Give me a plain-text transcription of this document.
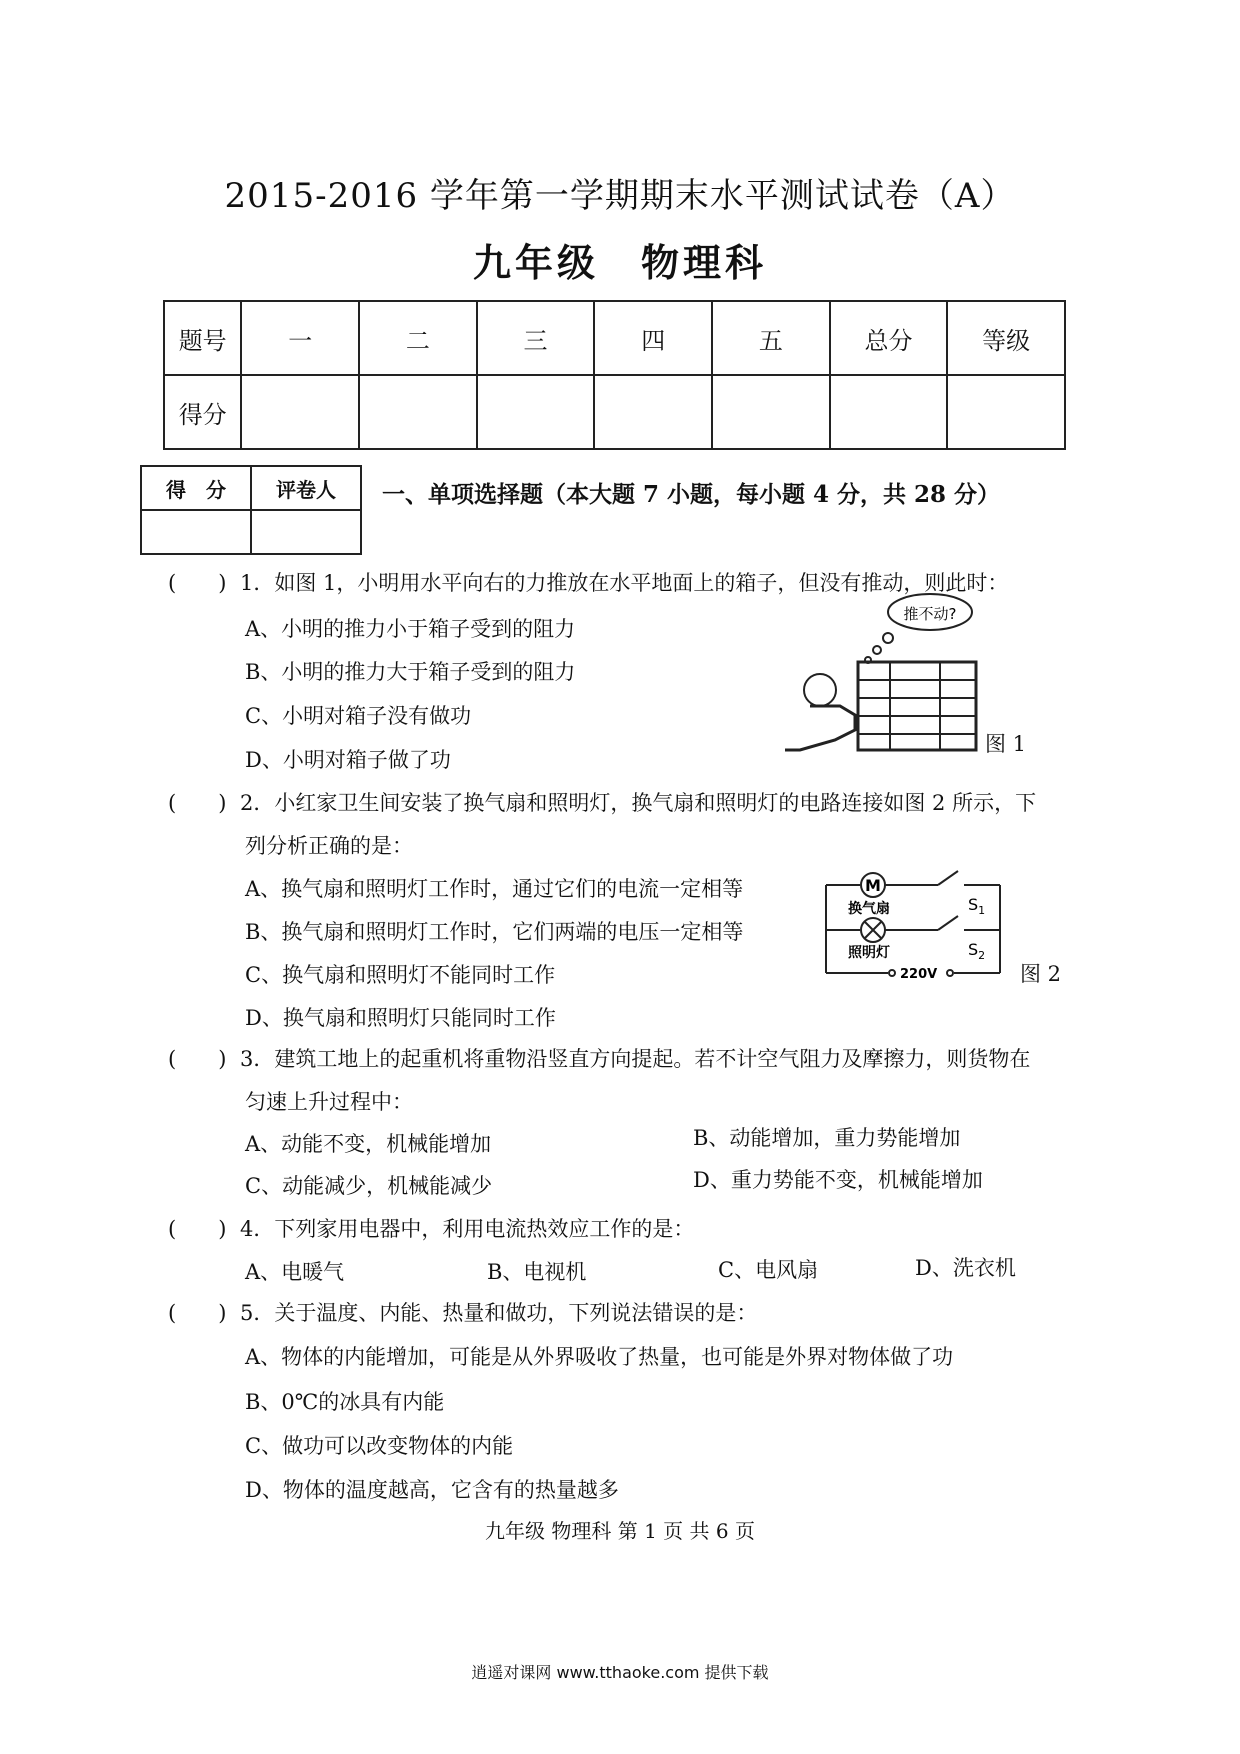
2015-2016 学年第一学期期末水平测试试卷（A）
九年级　物理科
题号	一	二	三	四	五	总分	等级
得分							
得　分	评卷人
	一、单项选择题（本大题 7 小题，每小题 4 分，共 28 分）
(　　) 1．如图 1，小明用水平向右的力推放在水平地面上的箱子，但没有推动，则此时：
A、小明的推力小于箱子受到的阻力
B、小明的推力大于箱子受到的阻力
C、小明对箱子没有做功
D、小明对箱子做了功
推不动?
图 1
(　　) 2．小红家卫生间安装了换气扇和照明灯，换气扇和照明灯的电路连接如图 2 所示，下
列分析正确的是：
A、换气扇和照明灯工作时，通过它们的电流一定相等
B、换气扇和照明灯工作时，它们两端的电压一定相等
C、换气扇和照明灯不能同时工作
D、换气扇和照明灯只能同时工作
M
$S_1$
换气扇
$S_2$
照明灯
220V	图 2
(　　) 3．建筑工地上的起重机将重物沿竖直方向提起。若不计空气阻力及摩擦力，则货物在
匀速上升过程中：
A、动能不变，机械能增加	B、动能增加，重力势能增加
C、动能减少，机械能减少	D、重力势能不变，机械能增加
(　　) 4．下列家用电器中，利用电流热效应工作的是：
A、电暖气	B、电视机	C、电风扇	D、洗衣机
(　　) 5．关于温度、内能、热量和做功，下列说法错误的是：
A、物体的内能增加，可能是从外界吸收了热量，也可能是外界对物体做了功
B、0℃的冰具有内能
C、做功可以改变物体的内能
D、物体的温度越高，它含有的热量越多
九年级 物理科 第 1 页 共 6 页
逍遥对课网 www.tthaoke.com 提供下载
